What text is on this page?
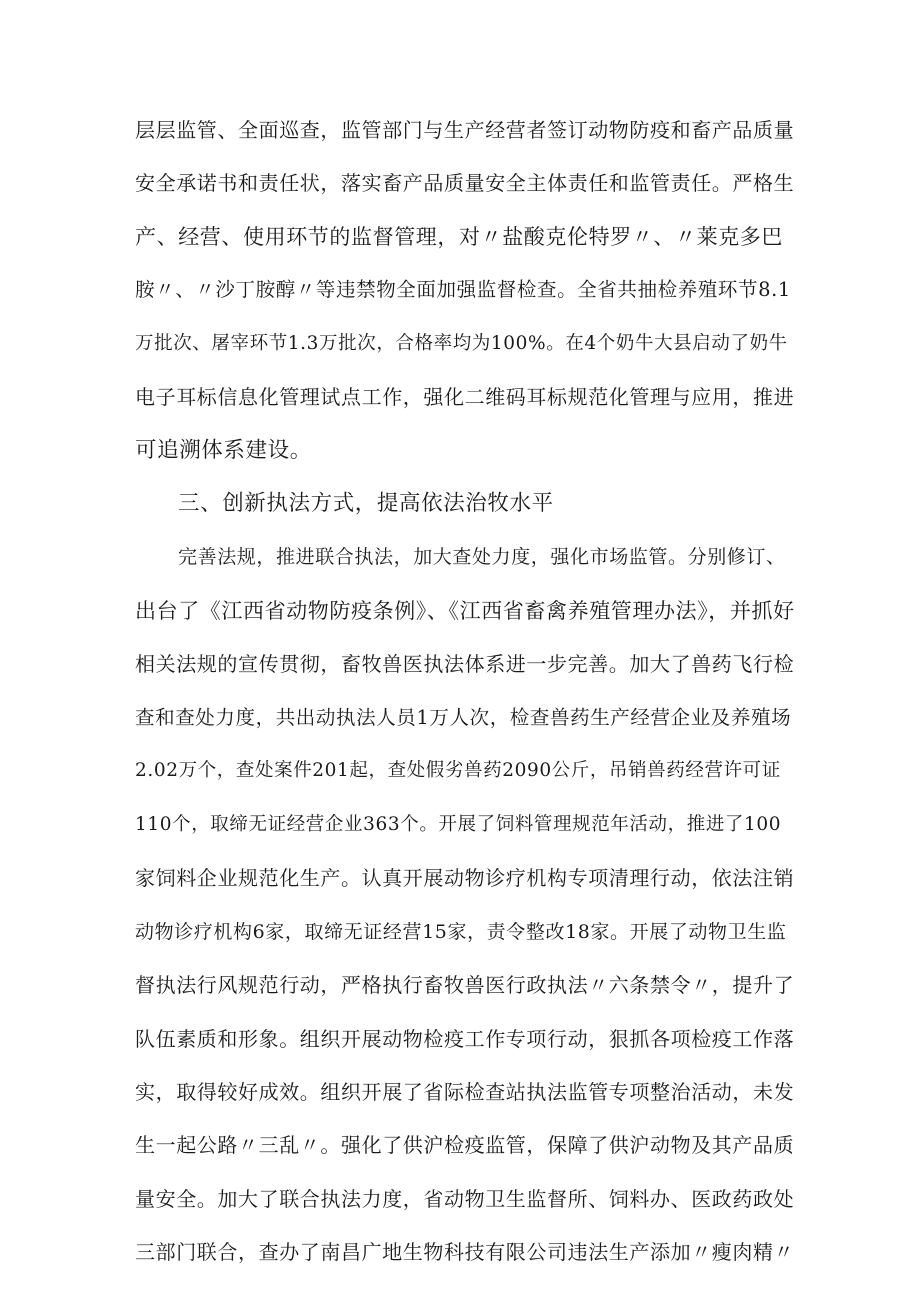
层层监管、全面巡查，监管部门与生产经营者签订动物防疫和畜产品质量
安全承诺书和责任状，落实畜产品质量安全主体责任和监管责任。严格生
产、经营、使用环节的监督管理，对〃盐酸克伦特罗〃、〃莱克多巴
胺〃、〃沙丁胺醇〃等违禁物全面加强监督检查。全省共抽检养殖环节8.1
万批次、屠宰环节1.3万批次，合格率均为100%。在4个奶牛大县启动了奶牛
电子耳标信息化管理试点工作，强化二维码耳标规范化管理与应用，推进
可追溯体系建设。
三、创新执法方式，提高依法治牧水平
完善法规，推进联合执法，加大查处力度，强化市场监管。分别修订、
出台了《江西省动物防疫条例》、《江西省畜禽养殖管理办法》，并抓好
相关法规的宣传贯彻，畜牧兽医执法体系进一步完善。加大了兽药飞行检
查和查处力度，共出动执法人员1万人次，检查兽药生产经营企业及养殖场
2.02万个，查处案件201起，查处假劣兽药2090公斤，吊销兽药经营许可证
110个，取缔无证经营企业363个。开展了饲料管理规范年活动，推进了100
家饲料企业规范化生产。认真开展动物诊疗机构专项清理行动，依法注销
动物诊疗机构6家，取缔无证经营15家，责令整改18家。开展了动物卫生监
督执法行风规范行动，严格执行畜牧兽医行政执法〃六条禁令〃，提升了
队伍素质和形象。组织开展动物检疫工作专项行动，狠抓各项检疫工作落
实，取得较好成效。组织开展了省际检查站执法监管专项整治活动，未发
生一起公路〃三乱〃。强化了供沪检疫监管，保障了供沪动物及其产品质
量安全。加大了联合执法力度，省动物卫生监督所、饲料办、医政药政处
三部门联合，查办了南昌广地生物科技有限公司违法生产添加〃瘦肉精〃
